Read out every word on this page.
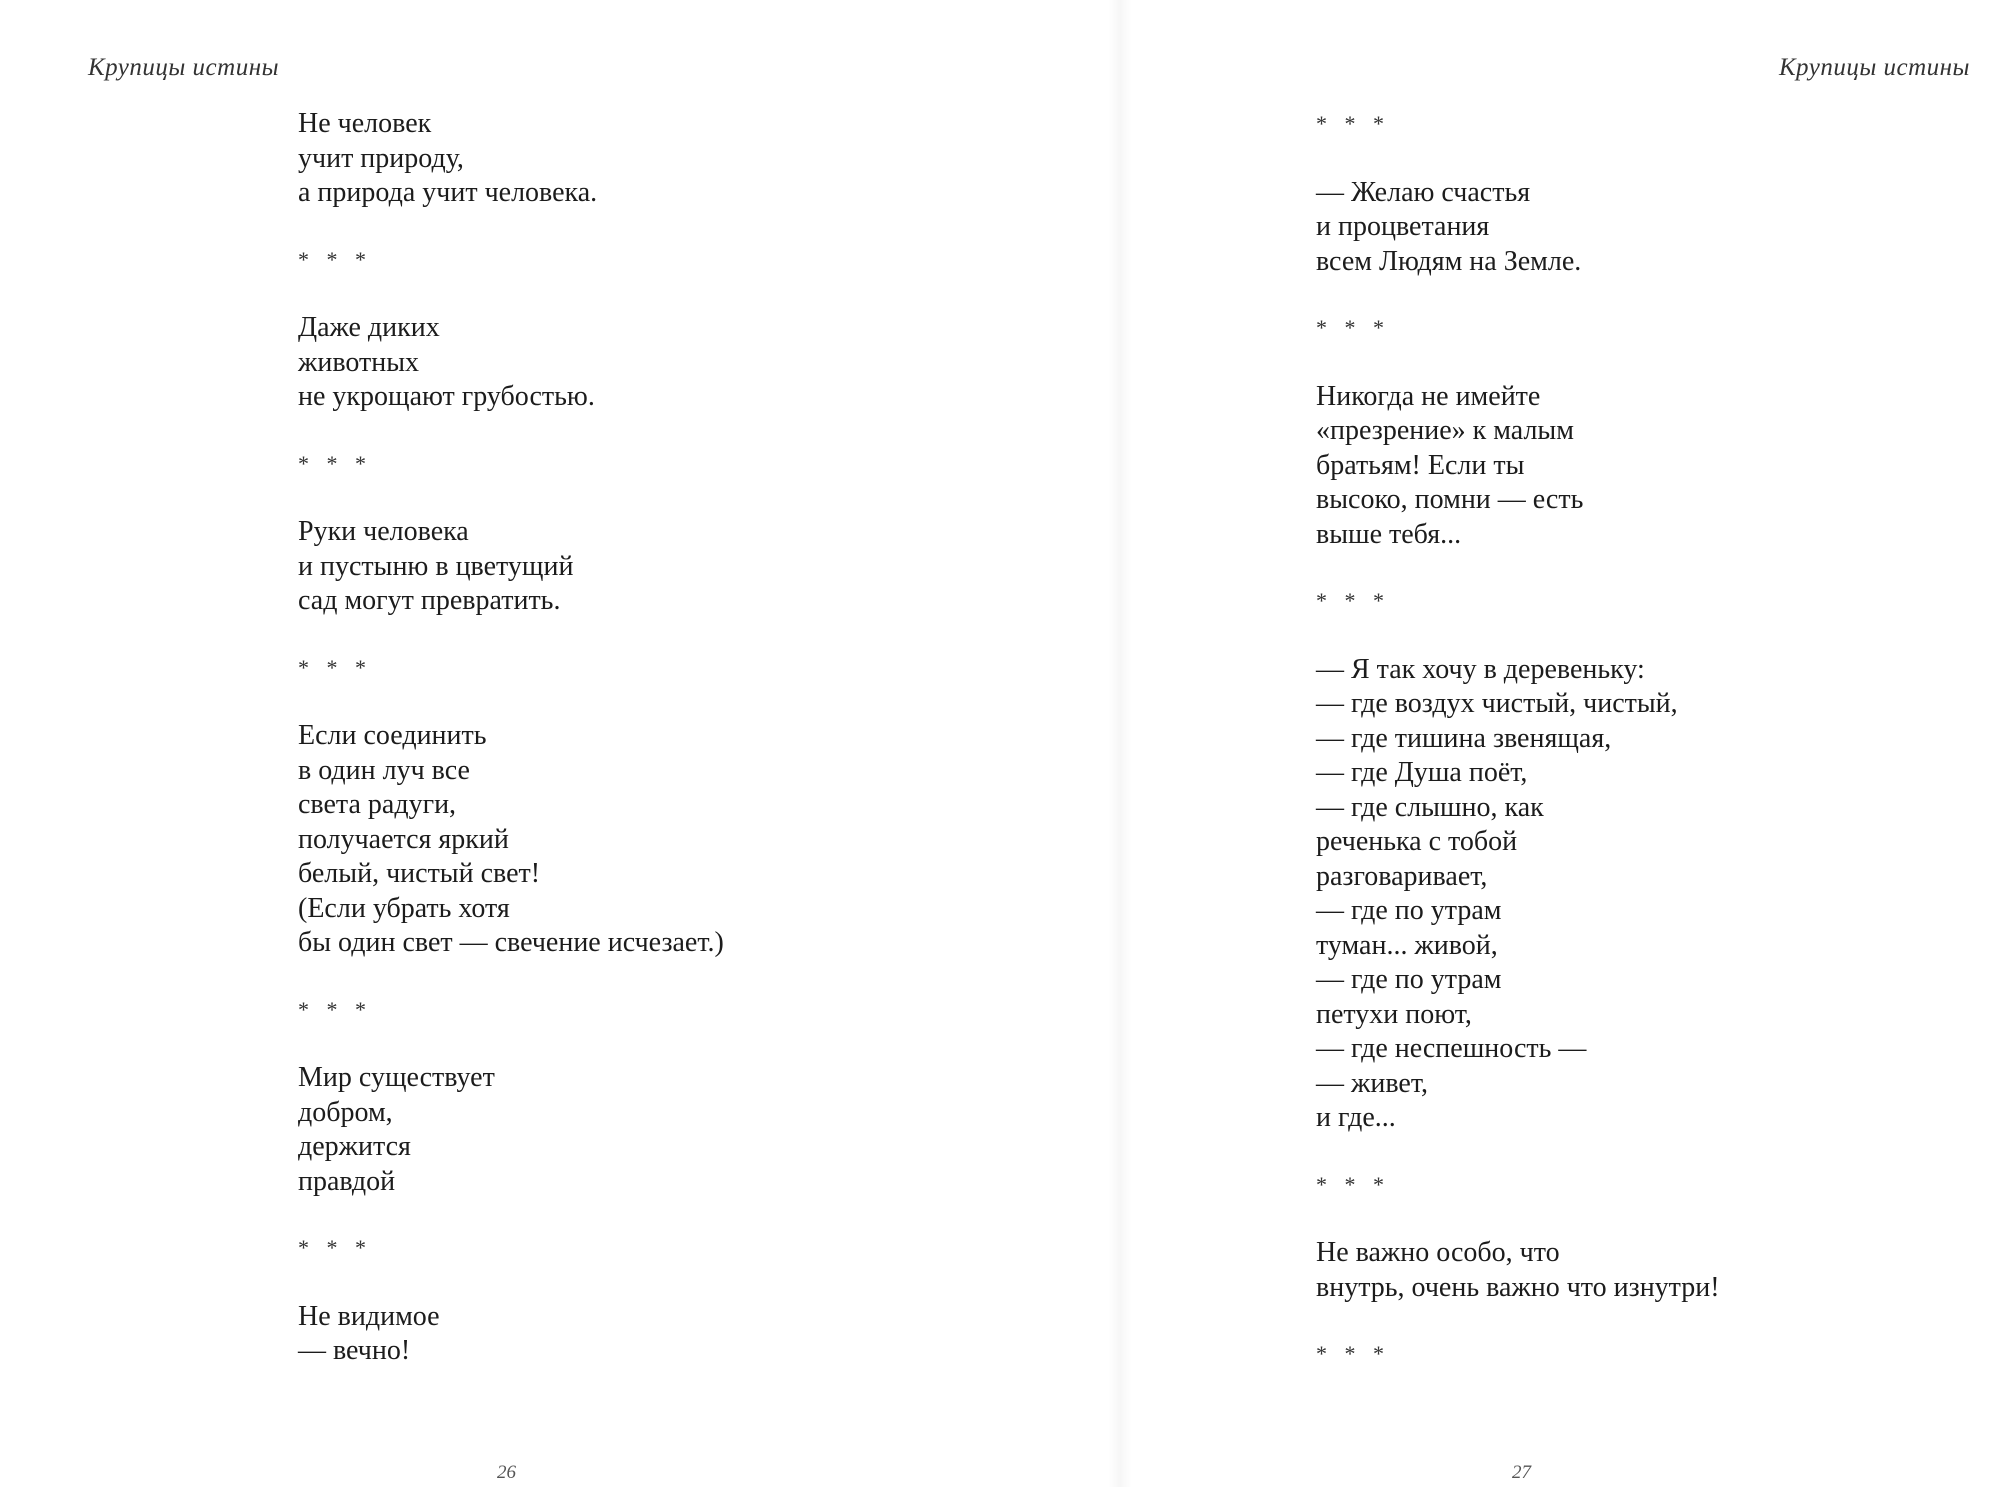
Крупицы истины	Крупицы истины
Не человек
учит природу,
а природа учит человека.
* * *
Даже диких
животных
не укрощают грубостью.
* * *
Руки человека
и пустыню в цветущий
сад могут превратить.
* * *
Если соединить
в один луч все
света радуги,
получается яркий
белый, чистый свет!
(Если убрать хотя
бы один свет — свечение исчезает.)
* * *
Мир существует
добром,
держится
правдой
* * *
Не видимое
— вечно!
* * *
— Желаю счастья
и процветания
всем Людям на Земле.
* * *
Никогда не имейте
«презрение» к малым
братьям! Если ты
высоко, помни — есть
выше тебя...
* * *
— Я так хочу в деревеньку:
— где воздух чистый, чистый,
— где тишина звенящая,
— где Душа поёт,
— где слышно, как
реченька с тобой
разговаривает,
— где по утрам
туман... живой,
— где по утрам
петухи поют,
— где неспешность —
— живет,
и где...
* * *
Не важно особо, что
внутрь, очень важно что изнутри!
* * *
26	27
